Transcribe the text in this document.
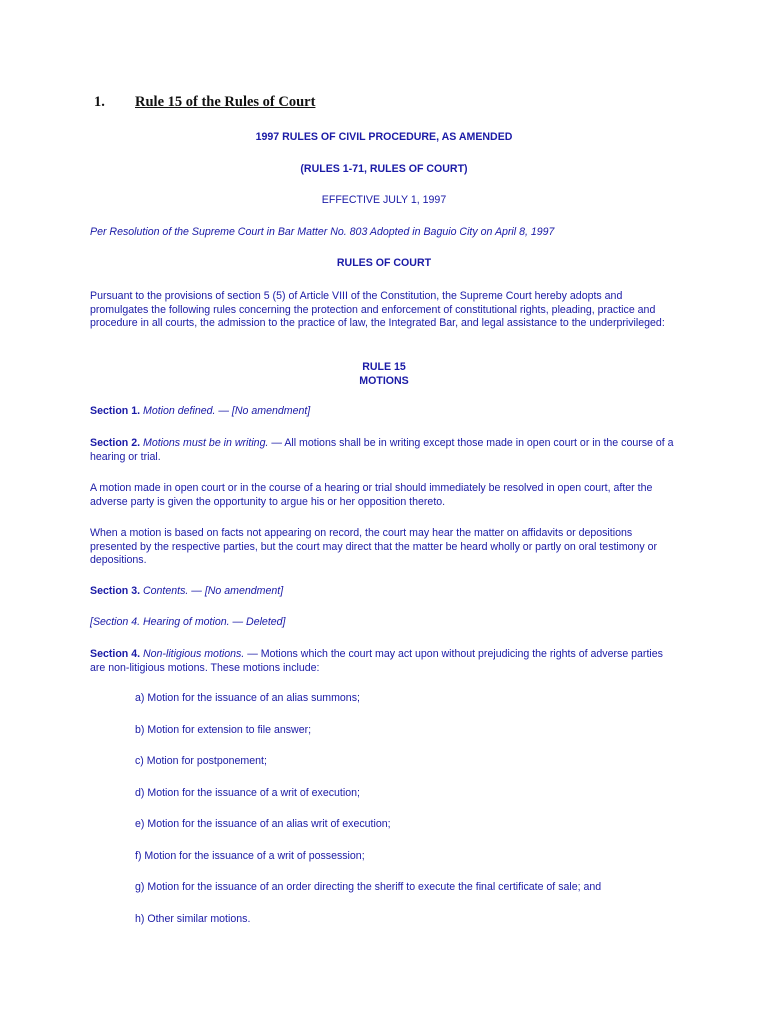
1. Rule 15 of the Rules of Court
1997 RULES OF CIVIL PROCEDURE, AS AMENDED
(RULES 1-71, RULES OF COURT)
EFFECTIVE JULY 1, 1997
Per Resolution of the Supreme Court in Bar Matter No. 803 Adopted in Baguio City on April 8, 1997
RULES OF COURT
Pursuant to the provisions of section 5 (5) of Article VIII of the Constitution, the Supreme Court hereby adopts and promulgates the following rules concerning the protection and enforcement of constitutional rights, pleading, practice and procedure in all courts, the admission to the practice of law, the Integrated Bar, and legal assistance to the underprivileged:
RULE 15
MOTIONS
Section 1. Motion defined. — [No amendment]
Section 2. Motions must be in writing. — All motions shall be in writing except those made in open court or in the course of a hearing or trial.
A motion made in open court or in the course of a hearing or trial should immediately be resolved in open court, after the adverse party is given the opportunity to argue his or her opposition thereto.
When a motion is based on facts not appearing on record, the court may hear the matter on affidavits or depositions presented by the respective parties, but the court may direct that the matter be heard wholly or partly on oral testimony or depositions.
Section 3. Contents. — [No amendment]
[Section 4. Hearing of motion. — Deleted]
Section 4. Non-litigious motions. — Motions which the court may act upon without prejudicing the rights of adverse parties are non-litigious motions. These motions include:
a) Motion for the issuance of an alias summons;
b) Motion for extension to file answer;
c) Motion for postponement;
d) Motion for the issuance of a writ of execution;
e) Motion for the issuance of an alias writ of execution;
f) Motion for the issuance of a writ of possession;
g) Motion for the issuance of an order directing the sheriff to execute the final certificate of sale; and
h) Other similar motions.
